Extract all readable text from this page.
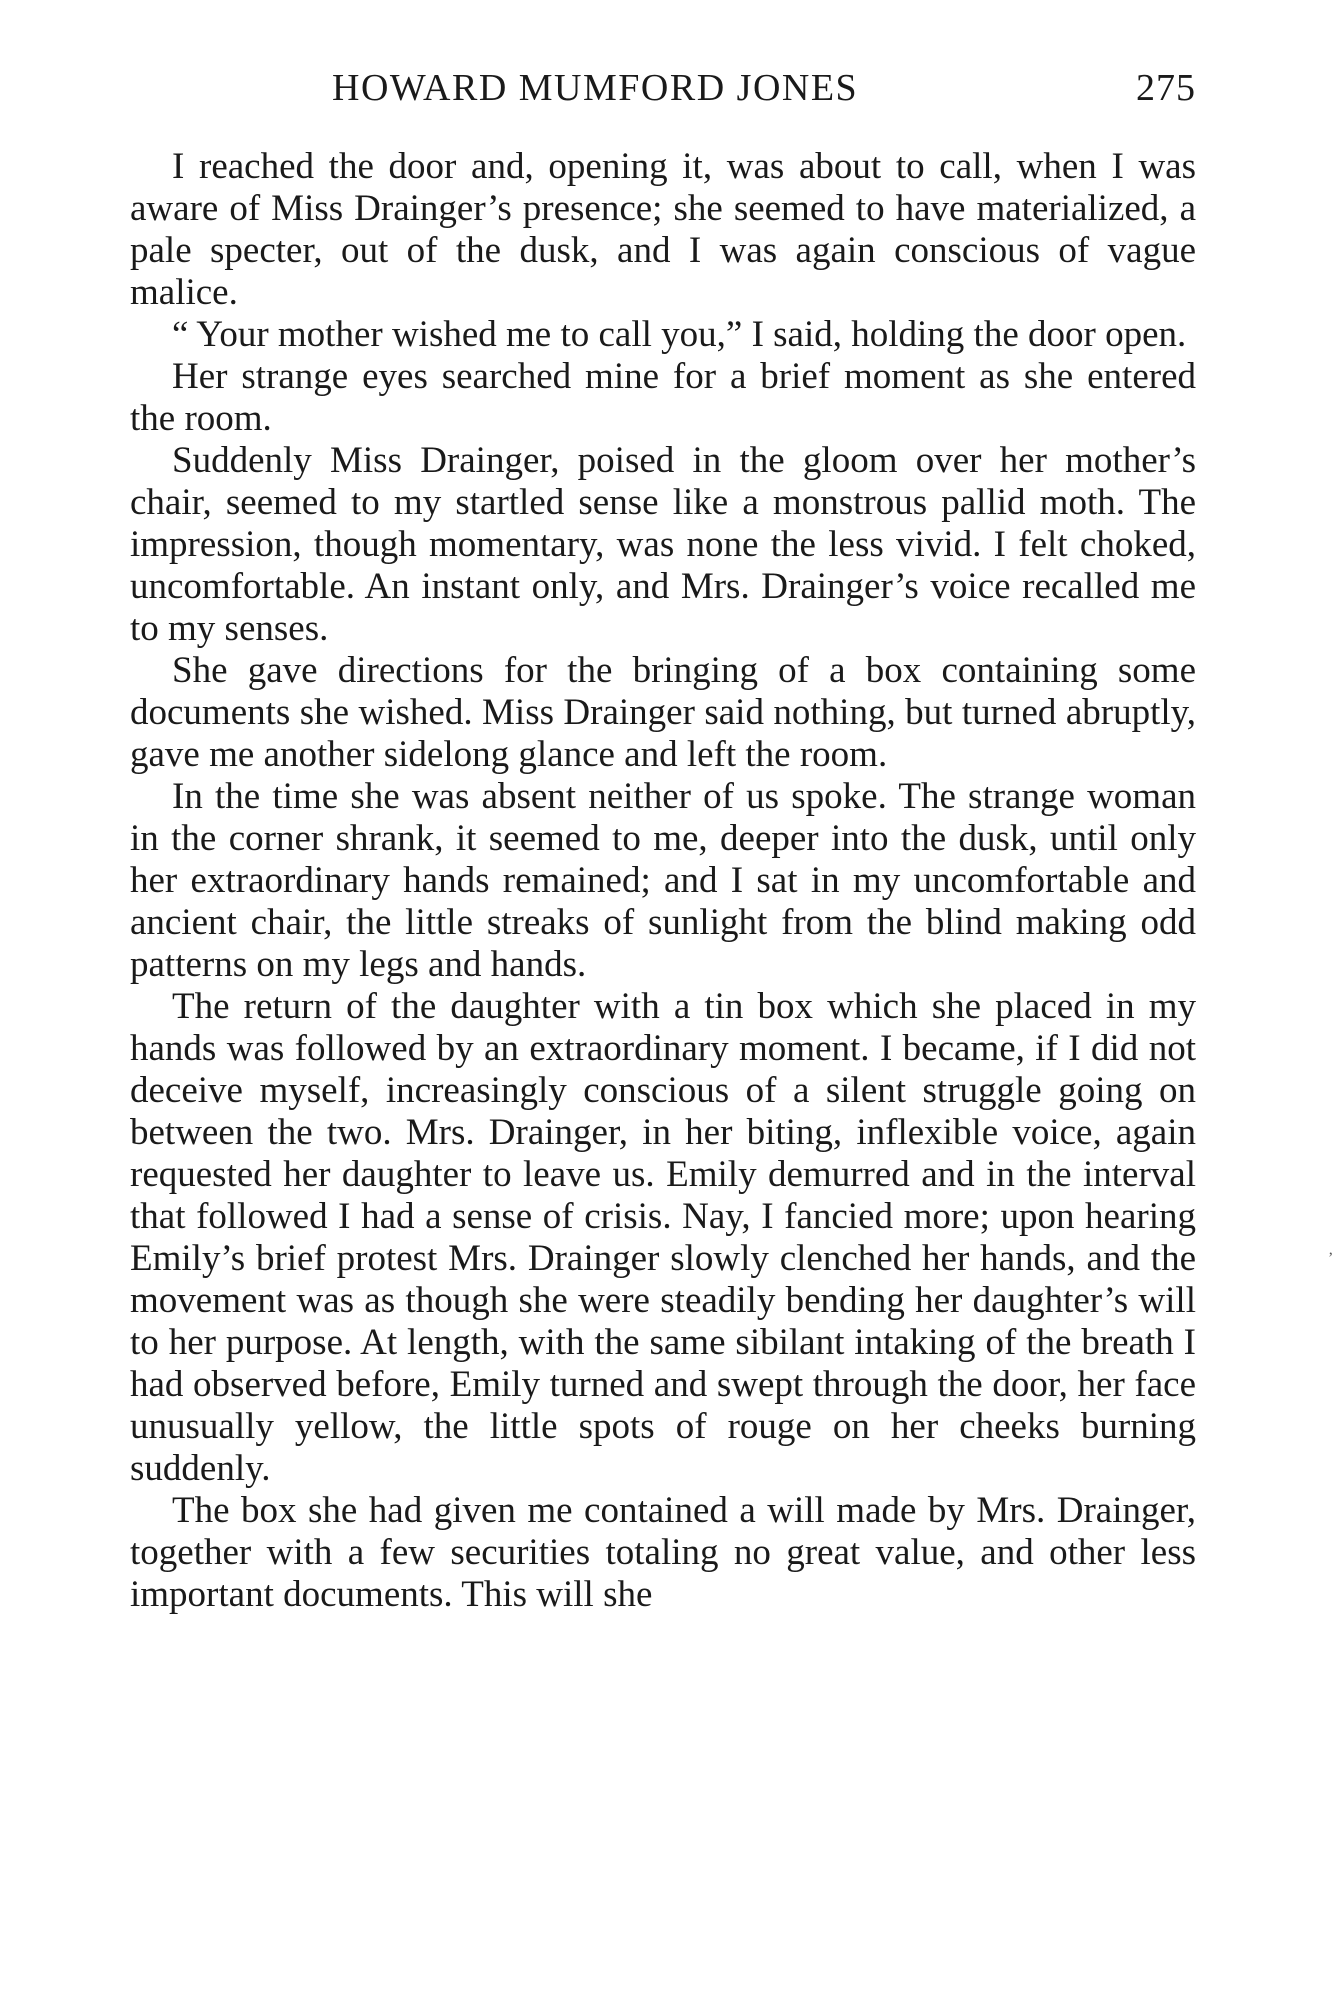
HOWARD MUMFORD JONES	275

I reached the door and, opening it, was about to call, when I was aware of Miss Drainger’s presence; she seemed to have materialized, a pale specter, out of the dusk, and I was again conscious of vague malice.

“ Your mother wished me to call you,” I said, holding the door open.

Her strange eyes searched mine for a brief moment as she entered the room.

Suddenly Miss Drainger, poised in the gloom over her mother’s chair, seemed to my startled sense like a monstrous pallid moth. The impression, though momentary, was none the less vivid. I felt choked, uncomfortable. An instant only, and Mrs. Drainger’s voice recalled me to my senses.

She gave directions for the bringing of a box containing some documents she wished. Miss Drainger said nothing, but turned abruptly, gave me another sidelong glance and left the room.

In the time she was absent neither of us spoke. The strange woman in the corner shrank, it seemed to me, deeper into the dusk, until only her extraordinary hands remained; and I sat in my uncomfortable and ancient chair, the little streaks of sunlight from the blind making odd patterns on my legs and hands.

The return of the daughter with a tin box which she placed in my hands was followed by an extraordinary moment. I became, if I did not deceive myself, increasingly conscious of a silent struggle going on between the two. Mrs. Drainger, in her biting, inflexible voice, again requested her daughter to leave us. Emily demurred and in the interval that followed I had a sense of crisis. Nay, I fancied more; upon hearing Emily’s brief protest Mrs. Drainger slowly clenched her hands, and the movement was as though she were steadily bending her daughter’s will to her purpose. At length, with the same sibilant intaking of the breath I had observed before, Emily turned and swept through the door, her face unusually yellow, the little spots of rouge on her cheeks burning suddenly.

The box she had given me contained a will made by Mrs. Drainger, together with a few securities totaling no great value, and other less important documents. This will she

’
